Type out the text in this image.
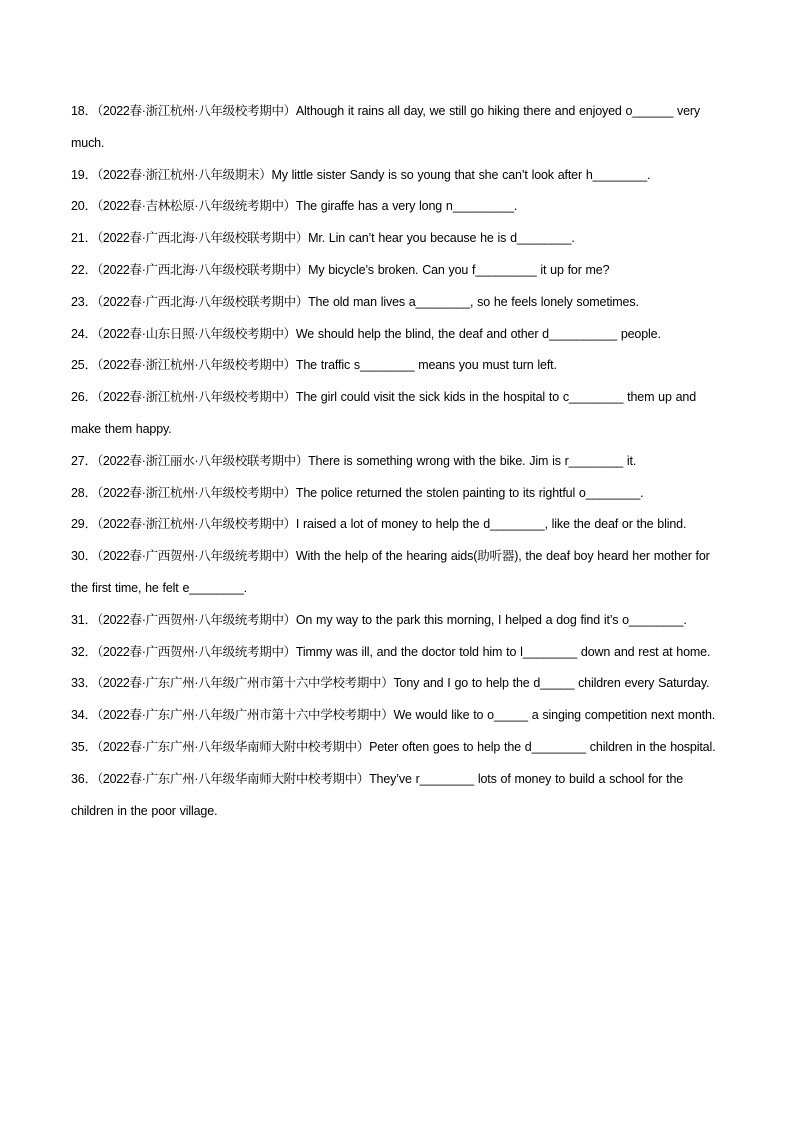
18．（2022春·浙江杭州·八年级校考期中）Although it rains all day, we still go hiking there and enjoyed o______ very much.
19．（2022春·浙江杭州·八年级期末）My little sister Sandy is so young that she can’t look after h________.
20．（2022春·吉林松原·八年级统考期中）The giraffe has a very long n_________.
21．（2022春·广西北海·八年级校联考期中）Mr. Lin can’t hear you because he is d________.
22．（2022春·广西北海·八年级校联考期中）My bicycle’s broken. Can you f_________ it up for me?
23．（2022春·广西北海·八年级校联考期中）The old man lives a________, so he feels lonely sometimes.
24．（2022春·山东日照·八年级校考期中）We should help the blind, the deaf and other d__________ people.
25．（2022春·浙江杭州·八年级校考期中）The traffic s________ means you must turn left.
26．（2022春·浙江杭州·八年级校考期中）The girl could visit the sick kids in the hospital to c________ them up and make them happy.
27．（2022春·浙江丽水·八年级校联考期中）There is something wrong with the bike. Jim is r________ it.
28．（2022春·浙江杭州·八年级校考期中）The police returned the stolen painting to its rightful o________.
29．（2022春·浙江杭州·八年级校考期中）I raised a lot of money to help the d________, like the deaf or the blind.
30．（2022春·广西贺州·八年级统考期中）With the help of the hearing aids(助听器), the deaf boy heard her mother for the first time, he felt e________.
31．（2022春·广西贺州·八年级统考期中）On my way to the park this morning, I helped a dog find it’s o________.
32．（2022春·广西贺州·八年级统考期中）Timmy was ill, and the doctor told him to l________ down and rest at home.
33．（2022春·广东广州·八年级广州市第十六中学校考期中）Tony and I go to help the d_____ children every Saturday.
34．（2022春·广东广州·八年级广州市第十六中学校考期中）We would like to o_____ a singing competition next month.
35．（2022春·广东广州·八年级华南师大附中校考期中）Peter often goes to help the d________ children in the hospital.
36．（2022春·广东广州·八年级华南师大附中校考期中）They’ve r________ lots of money to build a school for the children in the poor village.
